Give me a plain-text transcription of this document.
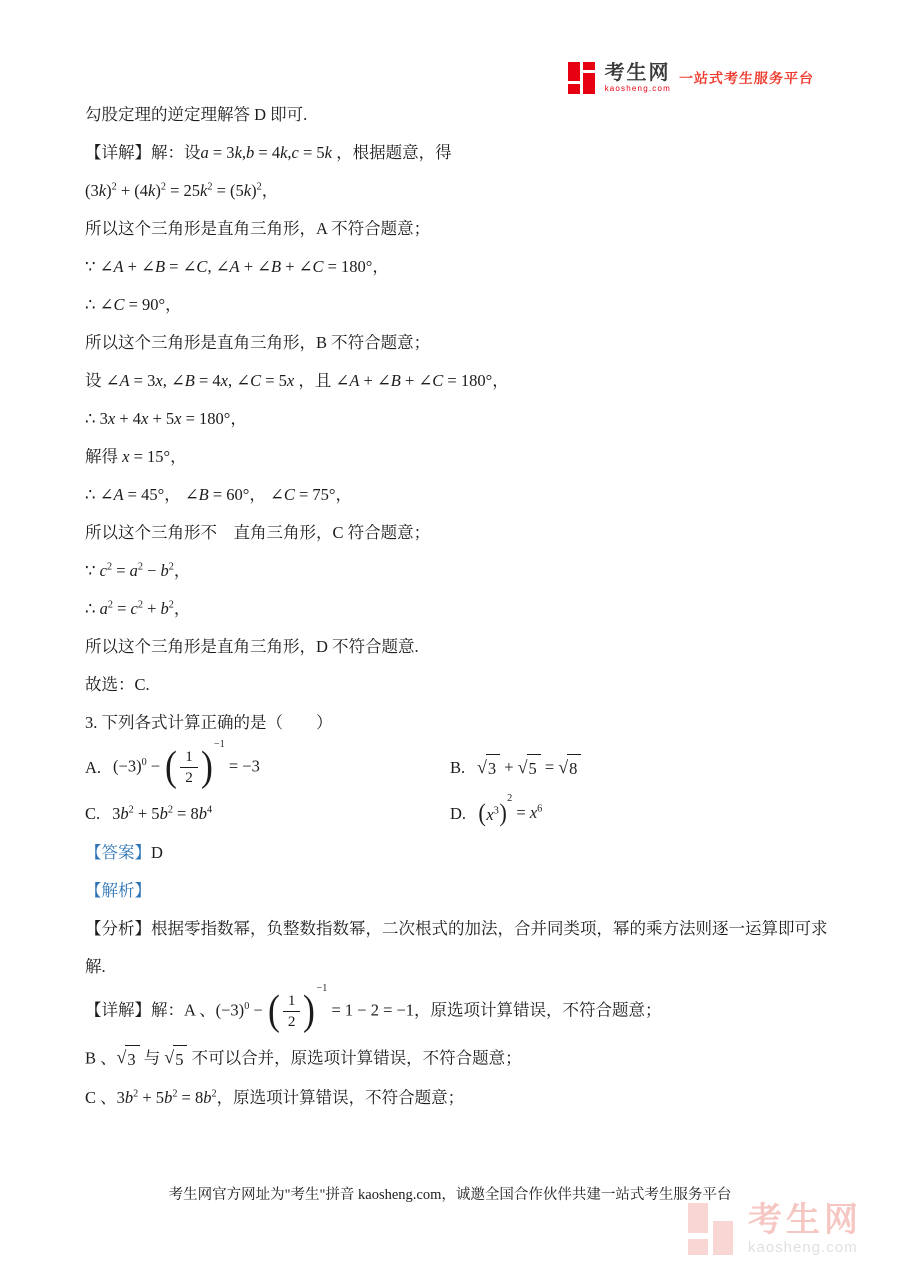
考生网
kaosheng.com
一站式考生服务平台
勾股定理的逆定理解答 D 即可.
【详解】解：设a = 3k,b = 4k,c = 5k ，根据题意，得
$(3k)^2 + (4k)^2 = 25k^2 = (5k)^2$，
所以这个三角形是直角三角形，A 不符合题意；
∵ ∠A + ∠B = ∠C, ∠A + ∠B + ∠C = 180°，
∴ ∠C = 90°，
所以这个三角形是直角三角形，B 不符合题意；
设 ∠A = 3x, ∠B = 4x, ∠C = 5x ，且 ∠A + ∠B + ∠C = 180°，
∴ 3x + 4x + 5x = 180°，
解得 x = 15°，
∴ ∠A = 45°， ∠B = 60°， ∠C = 75°，
所以这个三角形不　直角三角形，C 符合题意；
∵ $c^2 = a^2 - b^2$，
∴ $a^2 = c^2 + b^2$，
所以这个三角形是直角三角形，D 不符合题意.
故选：C.
3. 下列各式计算正确的是（　　）
A. $(-3)^0$ − ( $\frac{1}{2}$ ) −1
= −3	B. √ 3 + √ 5 = √ 8
C. $3b^2 + 5b^2 = 8b^4$	D. ( $x^3$ )
2
= $x^6$
【答案】D
【解析】
【分析】根据零指数幂，负整数指数幂，二次根式的加法，合并同类项，幂的乘方法则逐一运算即可求
解.
【详解】解：A 、$(-3)^0$ − ( $\frac{1}{2}$ ) −1
= 1 − 2 = −1，原选项计算错误，不符合题意；
B 、 √ 3 与 √ 5 不可以合并，原选项计算错误，不符合题意；
C 、$3b^2 + 5b^2 = 8b^2$，原选项计算错误，不符合题意；
考生网官方网址为"考生"拼音 kaosheng.com，诚邀全国合作伙伴共建一站式考生服务平台
考生网
kaosheng.com
